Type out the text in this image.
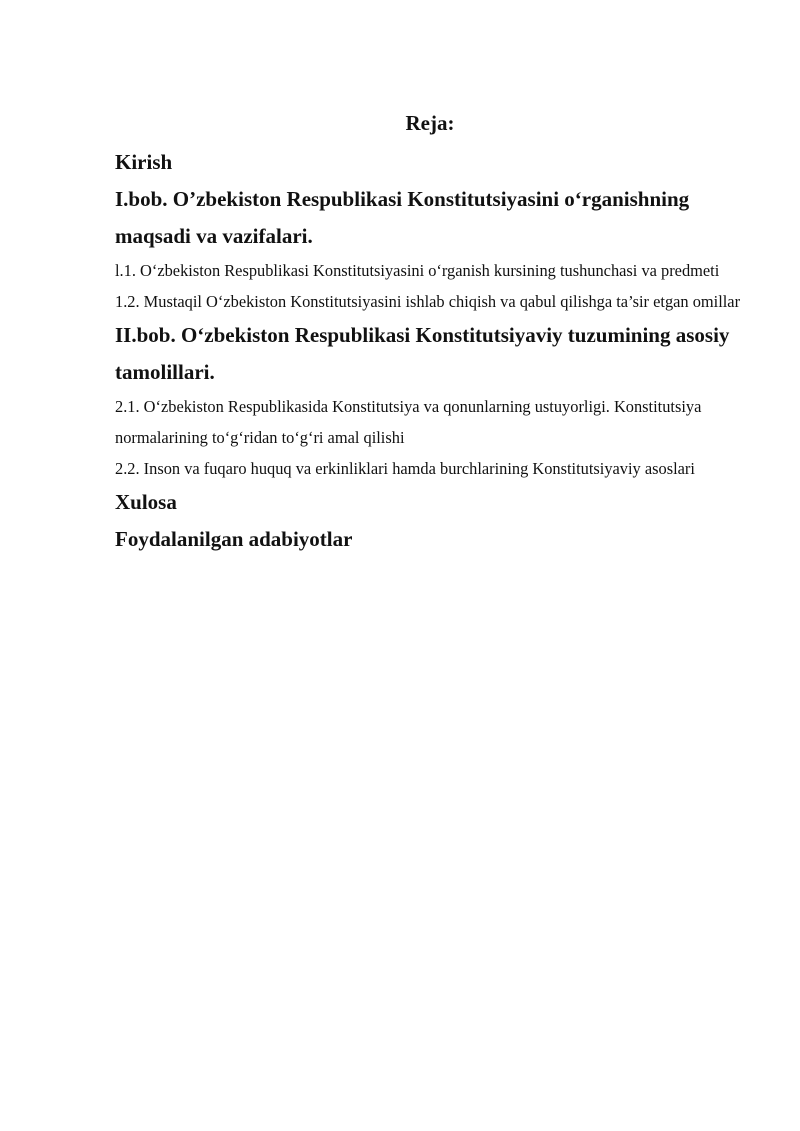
Reja:
Kirish
I.bob. O’zbekiston Respublikasi Konstitutsiyasini o‘rganishning maqsadi va vazifalari.
l.1. O‘zbekiston Respublikasi Konstitutsiyasini o‘rganish kursining tushunchasi va predmeti
1.2. Mustaqil O‘zbekiston Konstitutsiyasini ishlab chiqish va qabul qilishga ta’sir etgan omillar
II.bob. O‘zbekiston Respublikasi Konstitutsiyaviy tuzumining asosiy tamolillari.
2.1. O‘zbekiston Respublikasida Konstitutsiya va qonunlarning ustuyorligi. Konstitutsiya normalarining to‘g‘ridan to‘g‘ri amal qilishi
2.2. Inson va fuqaro huquq va erkinliklari hamda burchlarining Konstitutsiyaviy asoslari
Xulosa
Foydalanilgan adabiyotlar
